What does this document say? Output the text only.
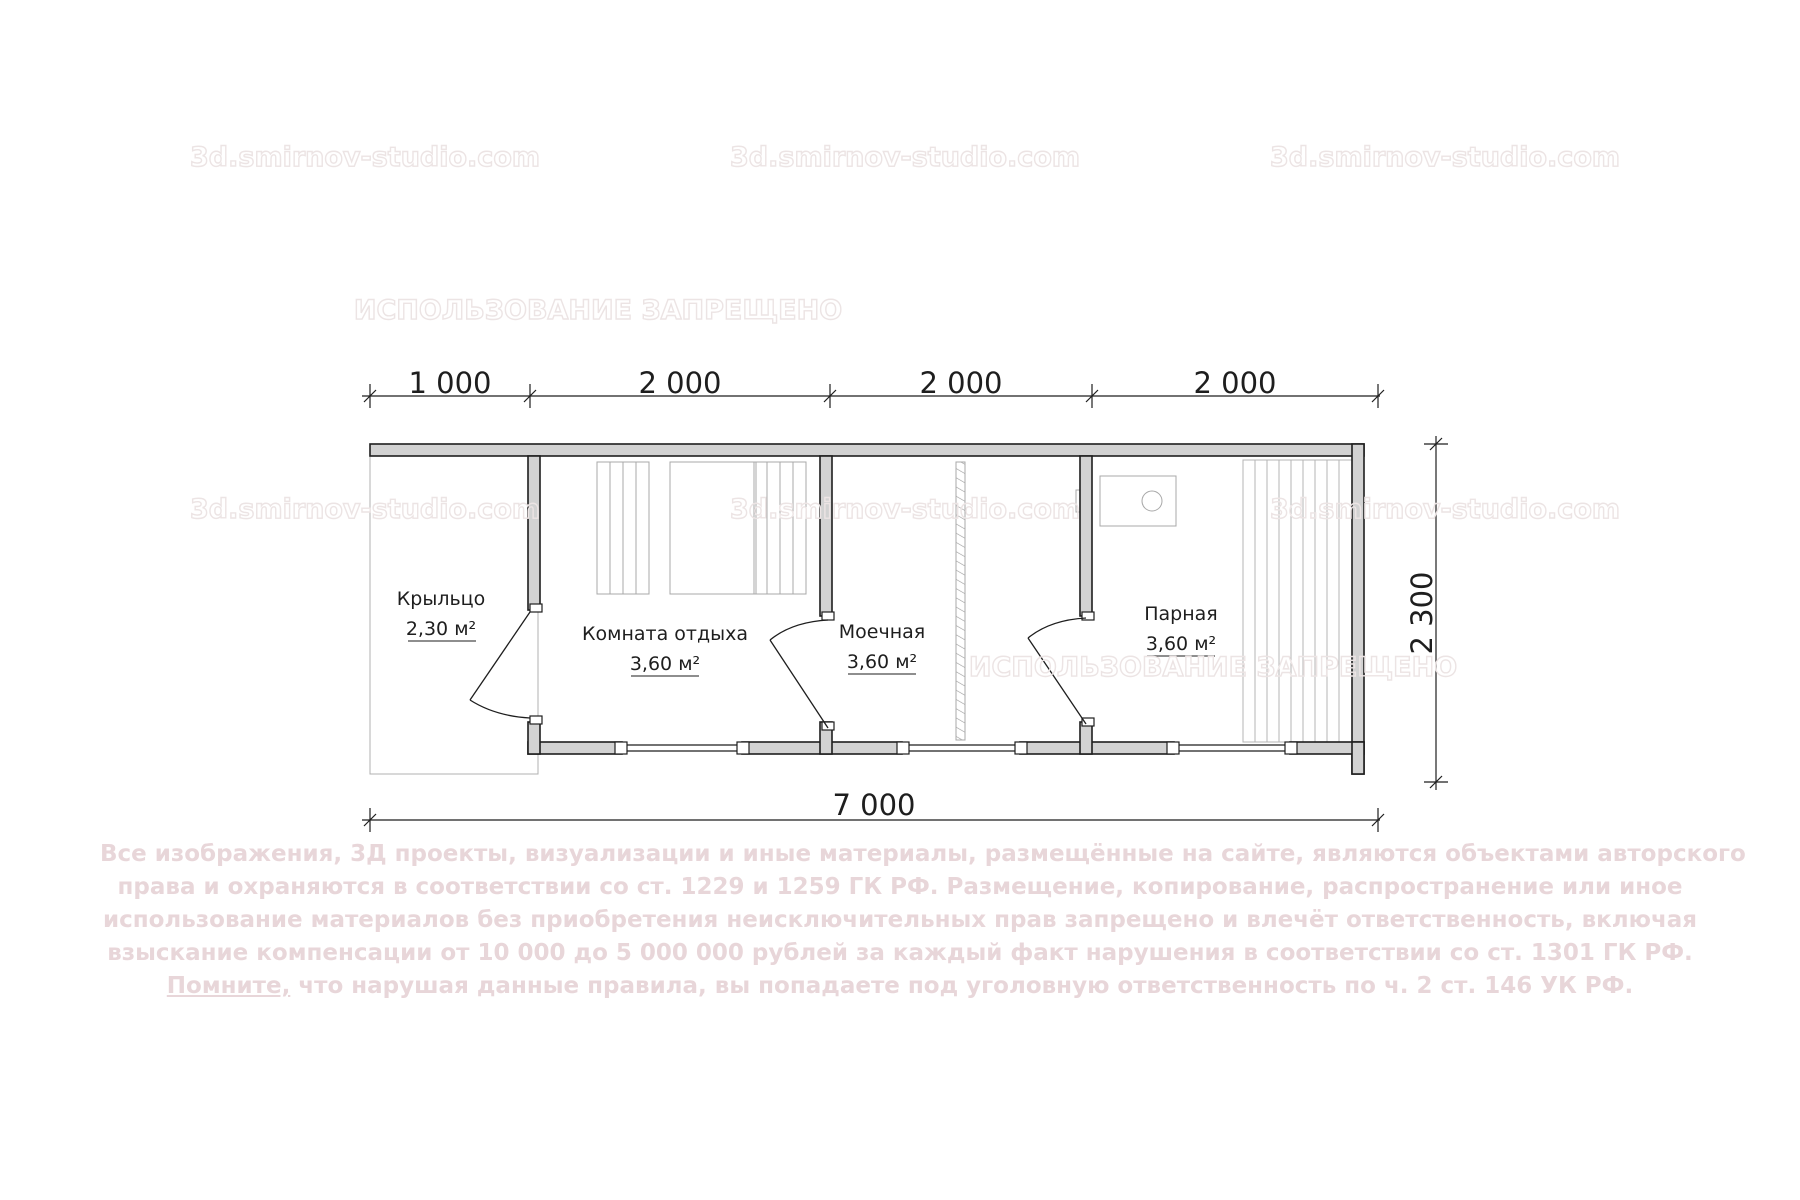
3d.smirnov-studio.com	3d.smirnov-studio.com	3d.smirnov-studio.com
ИСПОЛЬЗОВАНИЕ ЗАПРЕЩЕНО
Крыльцо
2,30 м²	Комната отдыха
3,60 м²
Моечная
3,60 м²
Парная
3,60 м²
1 000	2 000	2 000	2 000
7 000
2 300
3d.smirnov-studio.com	3d.smirnov-studio.com	3d.smirnov-studio.com
ИСПОЛЬЗОВАНИЕ ЗАПРЕЩЕНО
Все изображения, 3Д проекты, визуализации и иные материалы, размещённые на сайте, являются объектами авторского
права и охраняются в соответствии со ст. 1229 и 1259 ГК РФ. Размещение, копирование, распространение или иное
использование материалов без приобретения неисключительных прав запрещено и влечёт ответственность, включая
взыскание компенсации от 10 000 до 5 000 000 рублей за каждый факт нарушения в соответствии со ст. 1301 ГК РФ.
Помните, что нарушая данные правила, вы попадаете под уголовную ответственность по ч. 2 ст. 146 УК РФ.
